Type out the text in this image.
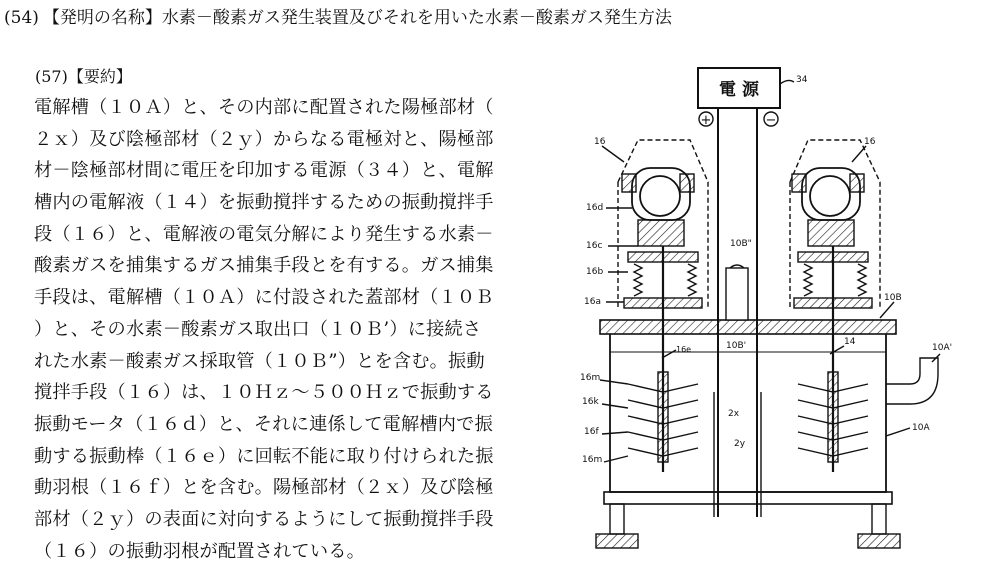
(54) 【発明の名称】水素－酸素ガス発生装置及びそれを用いた水素－酸素ガス発生方法
(57)【要約】
電解槽（１０Ａ）と、その内部に配置された陽極部材（
２ｘ）及び陰極部材（２ｙ）からなる電極対と、陽極部
材－陰極部材間に電圧を印加する電源（３４）と、電解
槽内の電解液（１４）を振動撹拌するための振動撹拌手
段（１６）と、電解液の電気分解により発生する水素－
酸素ガスを捕集するガス捕集手段とを有する。ガス捕集
手段は、電解槽（１０Ａ）に付設された蓋部材（１０Ｂ
）と、その水素－酸素ガス取出口（１０Ｂ’）に接続さ
れた水素－酸素ガス採取管（１０Ｂ”）とを含む。振動
撹拌手段（１６）は、１０Ｈｚ～５００Ｈｚで振動する
振動モータ（１６ｄ）と、それに連係して電解槽内で振
動する振動棒（１６ｅ）に回転不能に取り付けられた振
動羽根（１６ｆ）とを含む。陽極部材（２ｘ）及び陰極
部材（２ｙ）の表面に対向するようにして振動撹拌手段
（１６）の振動羽根が配置されている。
電 源
+	−
34
16	16
16d
16c
16b
16a
10B"
10B
10B'
16e
14
10A'
16m
16k
2x
16f
2y
10A
16m
